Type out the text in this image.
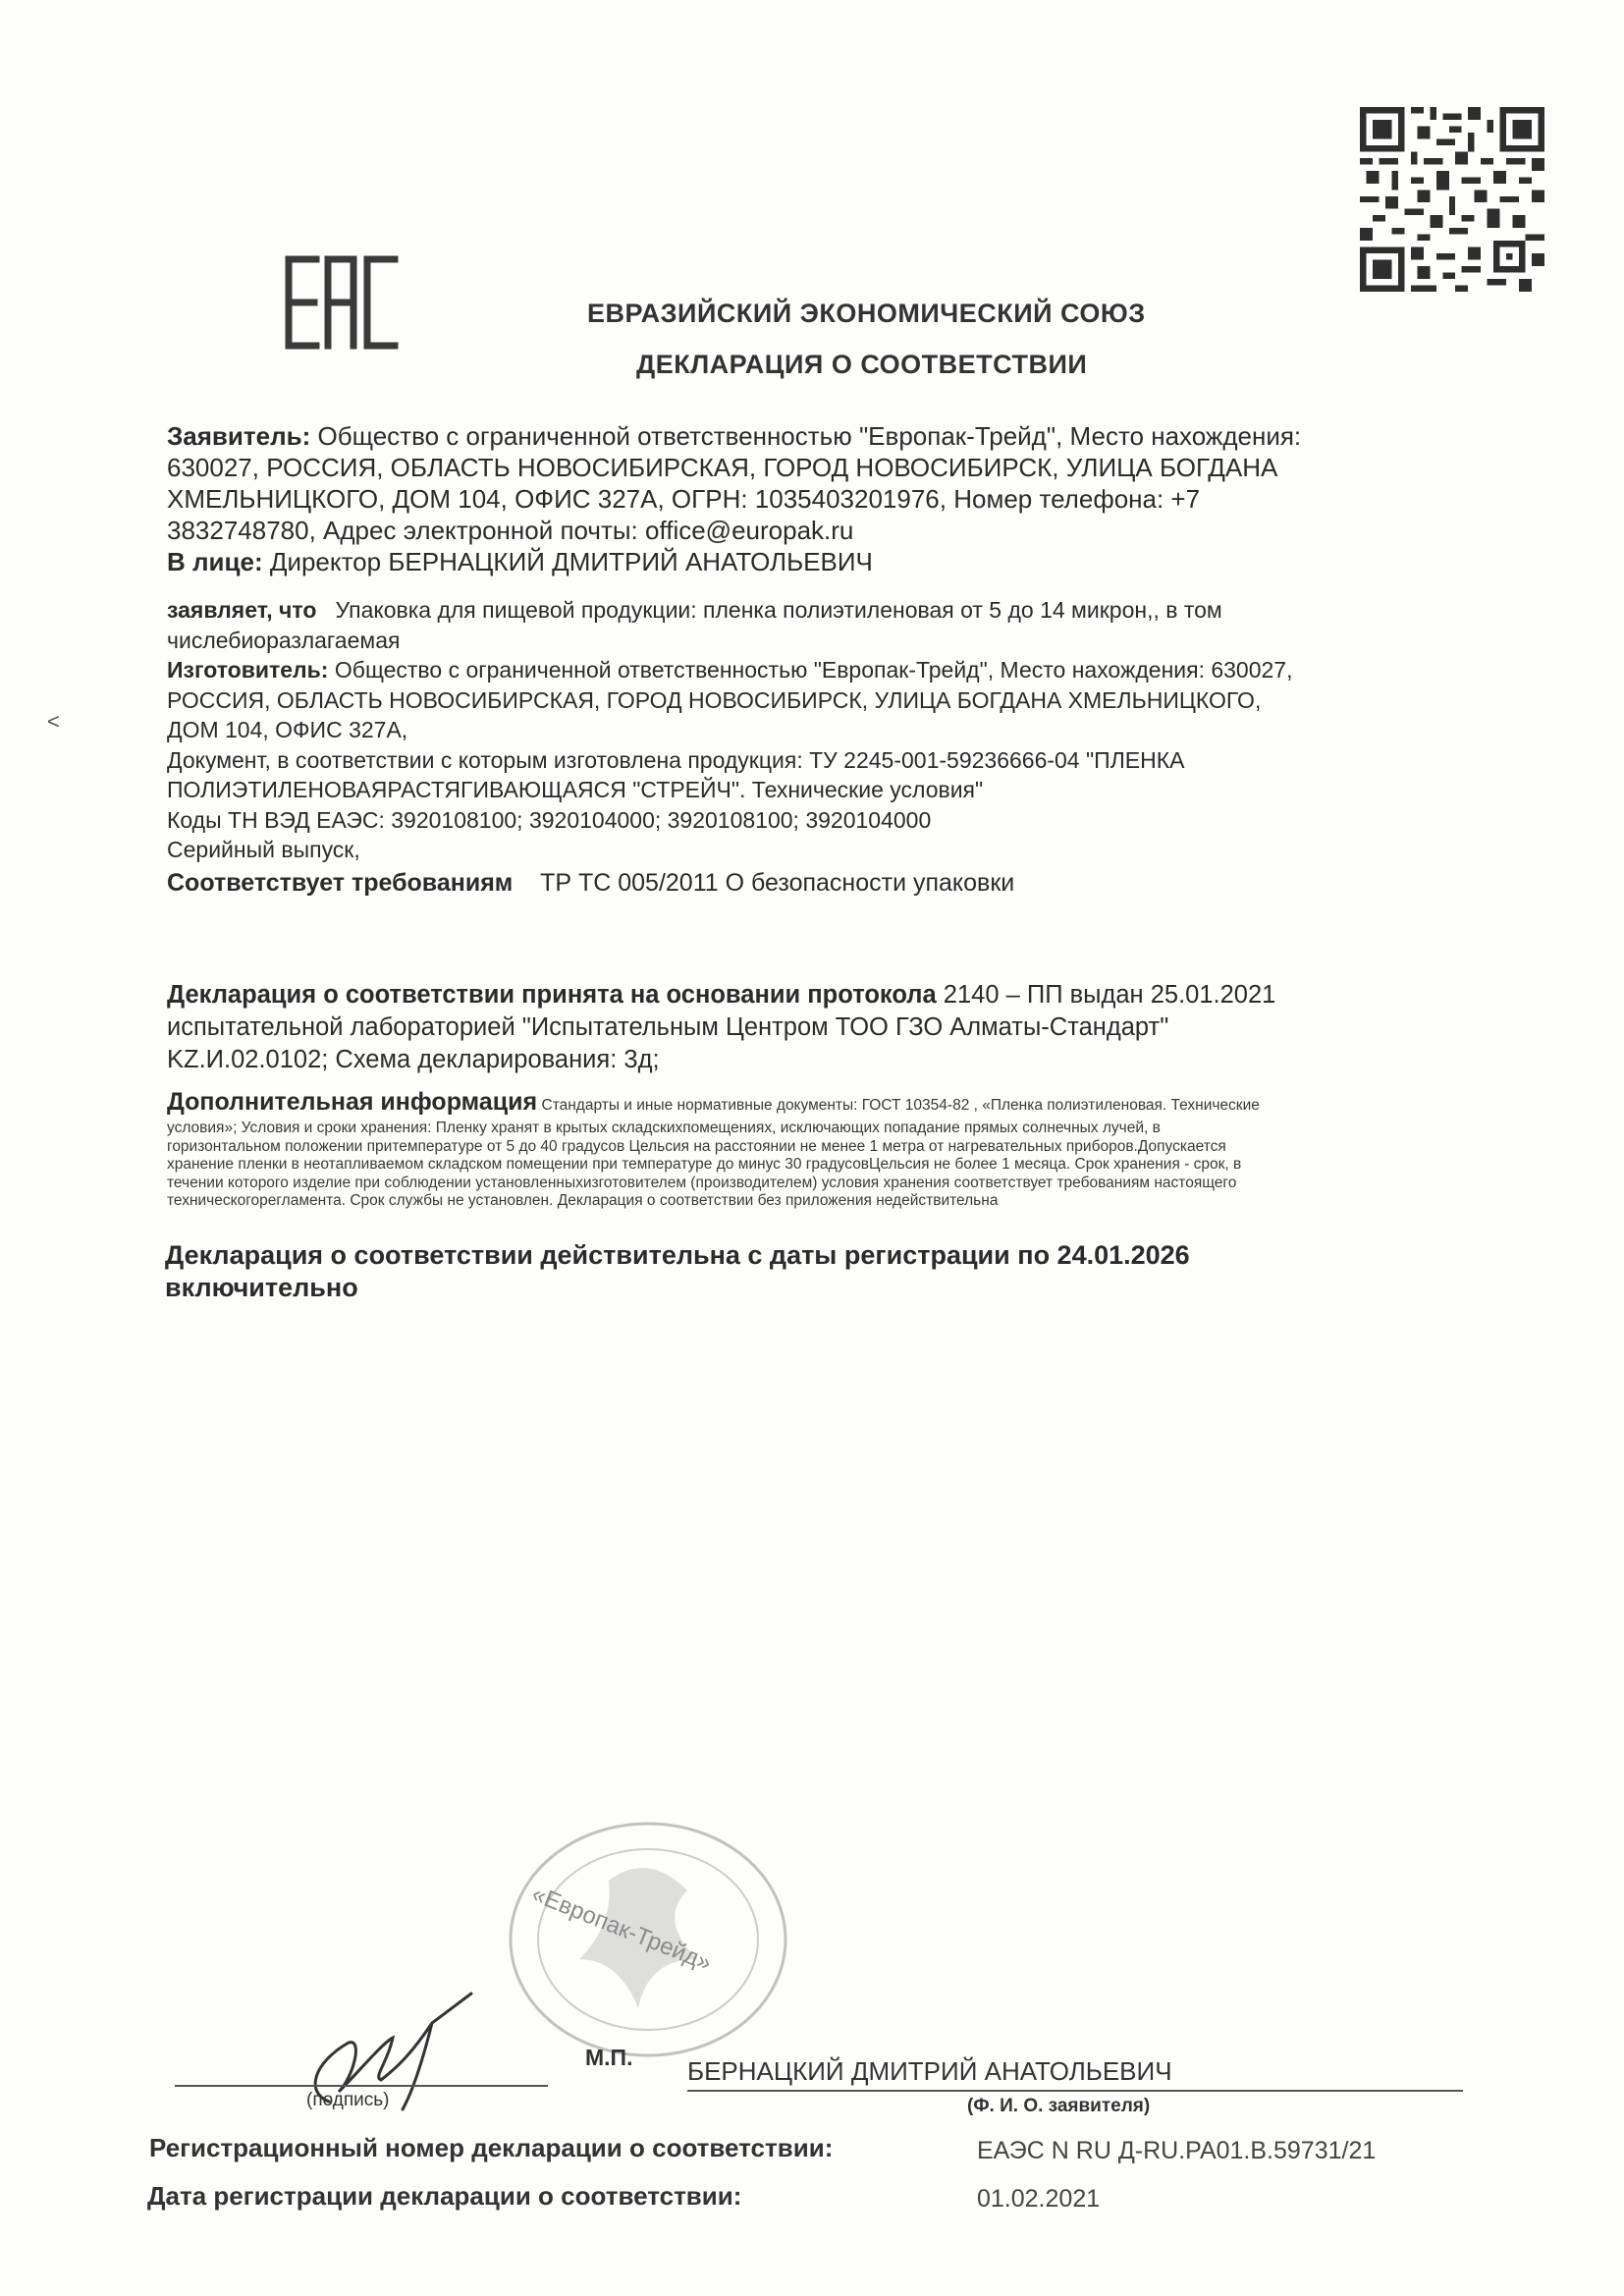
ЕВРАЗИЙСКИЙ ЭКОНОМИЧЕСКИЙ СОЮЗ
ДЕКЛАРАЦИЯ О СООТВЕТСТВИИ

Заявитель: Общество с ограниченной ответственностью "Европак-Трейд", Место нахождения:

630027, РОССИЯ, ОБЛАСТЬ НОВОСИБИРСКАЯ, ГОРОД НОВОСИБИРСК, УЛИЦА БОГДАНА

ХМЕЛЬНИЦКОГО, ДОМ 104, ОФИС 327А, ОГРН: 1035403201976, Номер телефона: +7

3832748780, Адрес электронной почты: office@europak.ru

В лице: Директор БЕРНАЦКИЙ ДМИТРИЙ АНАТОЛЬЕВИЧ

заявляет, что Упаковка для пищевой продукции: пленка полиэтиленовая от 5 до 14 микрон,, в том

числебиоразлагаемая

Изготовитель: Общество с ограниченной ответственностью "Европак-Трейд", Место нахождения: 630027,

РОССИЯ, ОБЛАСТЬ НОВОСИБИРСКАЯ, ГОРОД НОВОСИБИРСК, УЛИЦА БОГДАНА ХМЕЛЬНИЦКОГО,

ДОМ 104, ОФИС 327А,

Документ, в соответствии с которым изготовлена продукция: ТУ 2245-001-59236666-04 "ПЛЕНКА

ПОЛИЭТИЛЕНОВАЯРАСТЯГИВАЮЩАЯСЯ "СТРЕЙЧ". Технические условия"

Коды ТН ВЭД ЕАЭС: 3920108100; 3920104000; 3920108100; 3920104000

Серийный выпуск,

Соответствует требованиям ТР ТС 005/2011 О безопасности упаковки

Декларация о соответствии принята на основании протокола 2140 – ПП выдан 25.01.2021

испытательной лабораторией "Испытательным Центром ТОО ГЗО Алматы-Стандарт"

KZ.И.02.0102; Схема декларирования: 3д;

Дополнительная информация Стандарты и иные нормативные документы: ГОСТ 10354-82 , «Пленка полиэтиленовая. Технические

условия»; Условия и сроки хранения: Пленку хранят в крытых складскихпомещениях, исключающих попадание прямых солнечных лучей, в

горизонтальном положении притемпературе от 5 до 40 градусов Цельсия на расстоянии не менее 1 метра от нагревательных приборов.Допускается

хранение пленки в неотапливаемом складском помещении при температуре до минус 30 градусовЦельсия не более 1 месяца. Срок хранения - срок, в

течении которого изделие при соблюдении установленныхизготовителем (производителем) условия хранения соответствует требованиям настоящего

техническогорегламента. Срок службы не установлен. Декларация о соответствии без приложения недействительна

Декларация о соответствии действительна с даты регистрации по 24.01.2026

включительно

«Европак-Трейд»
(подпись)
М.П. БЕРНАЦКИЙ ДМИТРИЙ АНАТОЛЬЕВИЧ
(Ф. И. О. заявителя)
Регистрационный номер декларации о соответствии:	ЕАЭС N RU Д-RU.PA01.B.59731/21
Дата регистрации декларации о соответствии:	01.02.2021
<
